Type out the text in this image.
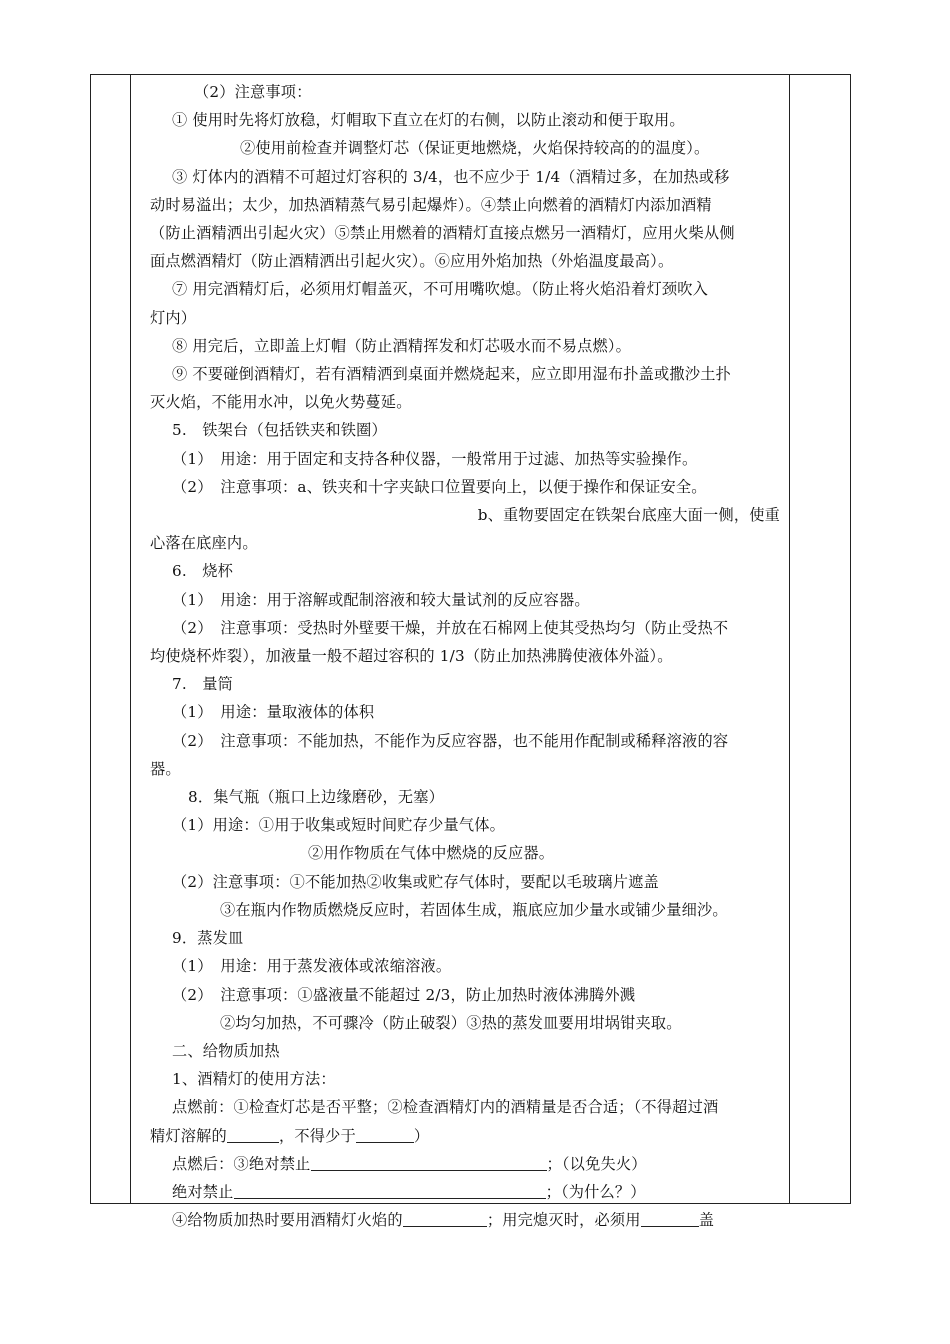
（2）注意事项：
① 使用时先将灯放稳，灯帽取下直立在灯的右侧，以防止滚动和便于取用。
②使用前检查并调整灯芯（保证更地燃烧，火焰保持较高的的温度）。
③ 灯体内的酒精不可超过灯容积的 3/4，也不应少于 1/4（酒精过多，在加热或移
动时易溢出；太少，加热酒精蒸气易引起爆炸）。④禁止向燃着的酒精灯内添加酒精
（防止酒精洒出引起火灾）⑤禁止用燃着的酒精灯直接点燃另一酒精灯，应用火柴从侧
面点燃酒精灯（防止酒精洒出引起火灾）。⑥应用外焰加热（外焰温度最高）。
⑦ 用完酒精灯后，必须用灯帽盖灭，不可用嘴吹熄。（防止将火焰沿着灯颈吹入
灯内）
⑧ 用完后，立即盖上灯帽（防止酒精挥发和灯芯吸水而不易点燃）。
⑨ 不要碰倒酒精灯，若有酒精洒到桌面并燃烧起来，应立即用湿布扑盖或撒沙土扑
灭火焰，不能用水冲，以免火势蔓延。
5.　铁架台（包括铁夹和铁圈）
（1）　用途：用于固定和支持各种仪器，一般常用于过滤、加热等实验操作。
（2）　注意事项：a、铁夹和十字夹缺口位置要向上，以便于操作和保证安全。
b、重物要固定在铁架台底座大面一侧，使重
心落在底座内。
6.　烧杯
（1）　用途：用于溶解或配制溶液和较大量试剂的反应容器。
（2）　注意事项：受热时外壁要干燥，并放在石棉网上使其受热均匀（防止受热不
均使烧杯炸裂），加液量一般不超过容积的 1/3（防止加热沸腾使液体外溢）。
7.　量筒
（1）　用途：量取液体的体积
（2）　注意事项：不能加热，不能作为反应容器，也不能用作配制或稀释溶液的容
器。
8．集气瓶（瓶口上边缘磨砂，无塞）
（1）用途：①用于收集或短时间贮存少量气体。
②用作物质在气体中燃烧的反应器。
（2）注意事项：①不能加热②收集或贮存气体时，要配以毛玻璃片遮盖
③在瓶内作物质燃烧反应时，若固体生成，瓶底应加少量水或铺少量细沙。
9．蒸发皿
（1）　用途：用于蒸发液体或浓缩溶液。
（2）　注意事项：①盛液量不能超过 2/3，防止加热时液体沸腾外溅
②均匀加热，不可骤冷（防止破裂）③热的蒸发皿要用坩埚钳夹取。
二、给物质加热
1、酒精灯的使用方法：
点燃前：①检查灯芯是否平整；②检查酒精灯内的酒精量是否合适；（不得超过酒
精灯溶解的	，不得少于	）
点燃后：③绝对禁止	；（以免失火）
绝对禁止	；（为什么？）
④给物质加热时要用酒精灯火焰的	；用完熄灭时，必须用	盖
